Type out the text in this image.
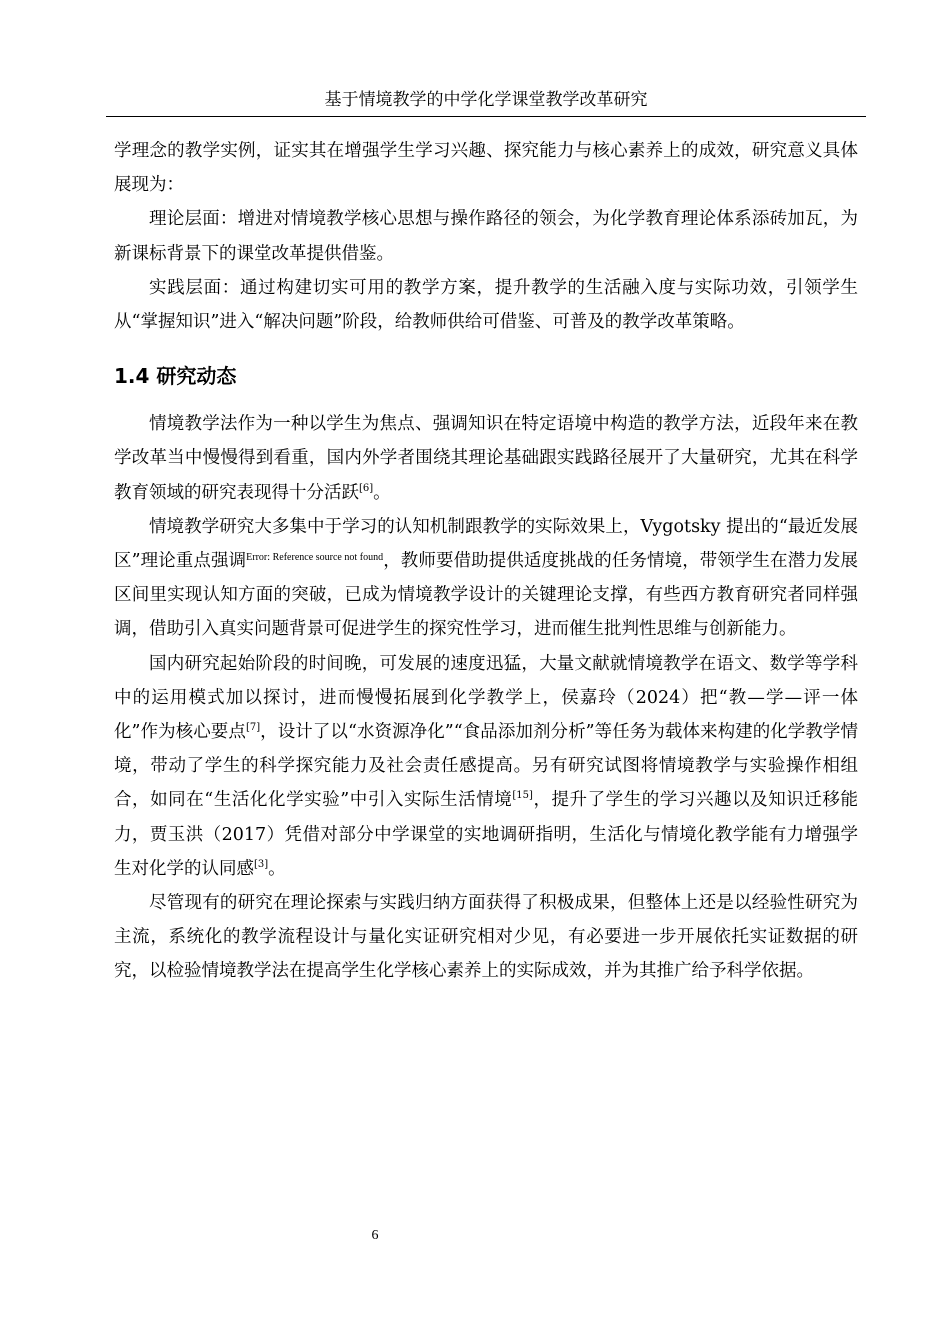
基于情境教学的中学化学课堂教学改革研究

学理念的教学实例，证实其在增强学生学习兴趣、探究能力与核心素养上的成效，研究意义具体展现为：

理论层面：增进对情境教学核心思想与操作路径的领会，为化学教育理论体系添砖加瓦，为新课标背景下的课堂改革提供借鉴。

实践层面：通过构建切实可用的教学方案，提升教学的生活融入度与实际功效，引领学生从“掌握知识”进入“解决问题”阶段，给教师供给可借鉴、可普及的教学改革策略。

1.4 研究动态

情境教学法作为一种以学生为焦点、强调知识在特定语境中构造的教学方法，近段年来在教学改革当中慢慢得到看重，国内外学者围绕其理论基础跟实践路径展开了大量研究，尤其在科学教育领域的研究表现得十分活跃[6]。

情境教学研究大多集中于学习的认知机制跟教学的实际效果上，Vygotsky 提出的“最近发展区”理论重点强调$^{Error: Reference source not found}$，教师要借助提供适度挑战的任务情境，带领学生在潜力发展区间里实现认知方面的突破，已成为情境教学设计的关键理论支撑，有些西方教育研究者同样强调，借助引入真实问题背景可促进学生的探究性学习，进而催生批判性思维与创新能力。

国内研究起始阶段的时间晚，可发展的速度迅猛，大量文献就情境教学在语文、数学等学科中的运用模式加以探讨，进而慢慢拓展到化学教学上，侯嘉玲（2024）把“教—学—评一体化”作为核心要点[7]，设计了以“水资源净化”“食品添加剂分析”等任务为载体来构建的化学教学情境，带动了学生的科学探究能力及社会责任感提高。另有研究试图将情境教学与实验操作相组合，如同在“生活化化学实验”中引入实际生活情境[15]，提升了学生的学习兴趣以及知识迁移能力，贾玉洪（2017）凭借对部分中学课堂的实地调研指明，生活化与情境化教学能有力增强学生对化学的认同感[3]。

尽管现有的研究在理论探索与实践归纳方面获得了积极成果，但整体上还是以经验性研究为主流，系统化的教学流程设计与量化实证研究相对少见，有必要进一步开展依托实证数据的研究，以检验情境教学法在提高学生化学核心素养上的实际成效，并为其推广给予科学依据。

6
